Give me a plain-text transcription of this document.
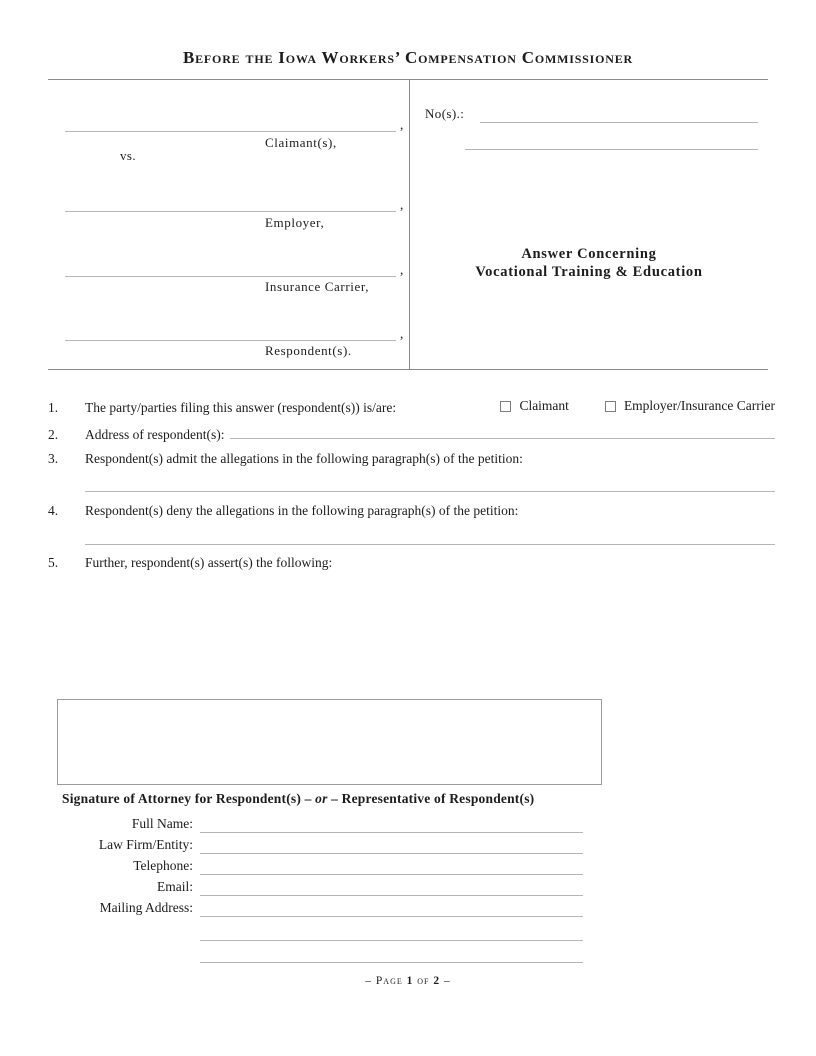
Before the Iowa Workers’ Compensation Commissioner
,
Claimant(s),
vs.
,
Employer,
,
Insurance Carrier,
,
Respondent(s).
No(s).:
Answer Concerning
Vocational Training & Education
1.	The party/parties filing this answer (respondent(s)) is/are:	Claimant	Employer/Insurance Carrier
2.	Address of respondent(s):
3.	Respondent(s) admit the allegations in the following paragraph(s) of the petition:
4.	Respondent(s) deny the allegations in the following paragraph(s) of the petition:
5.	Further, respondent(s) assert(s) the following:
Signature of Attorney for Respondent(s) – or – Representative of Respondent(s)
Full Name:
Law Firm/Entity:
Telephone:
Email:
Mailing Address:
– Page 1 of 2 –
